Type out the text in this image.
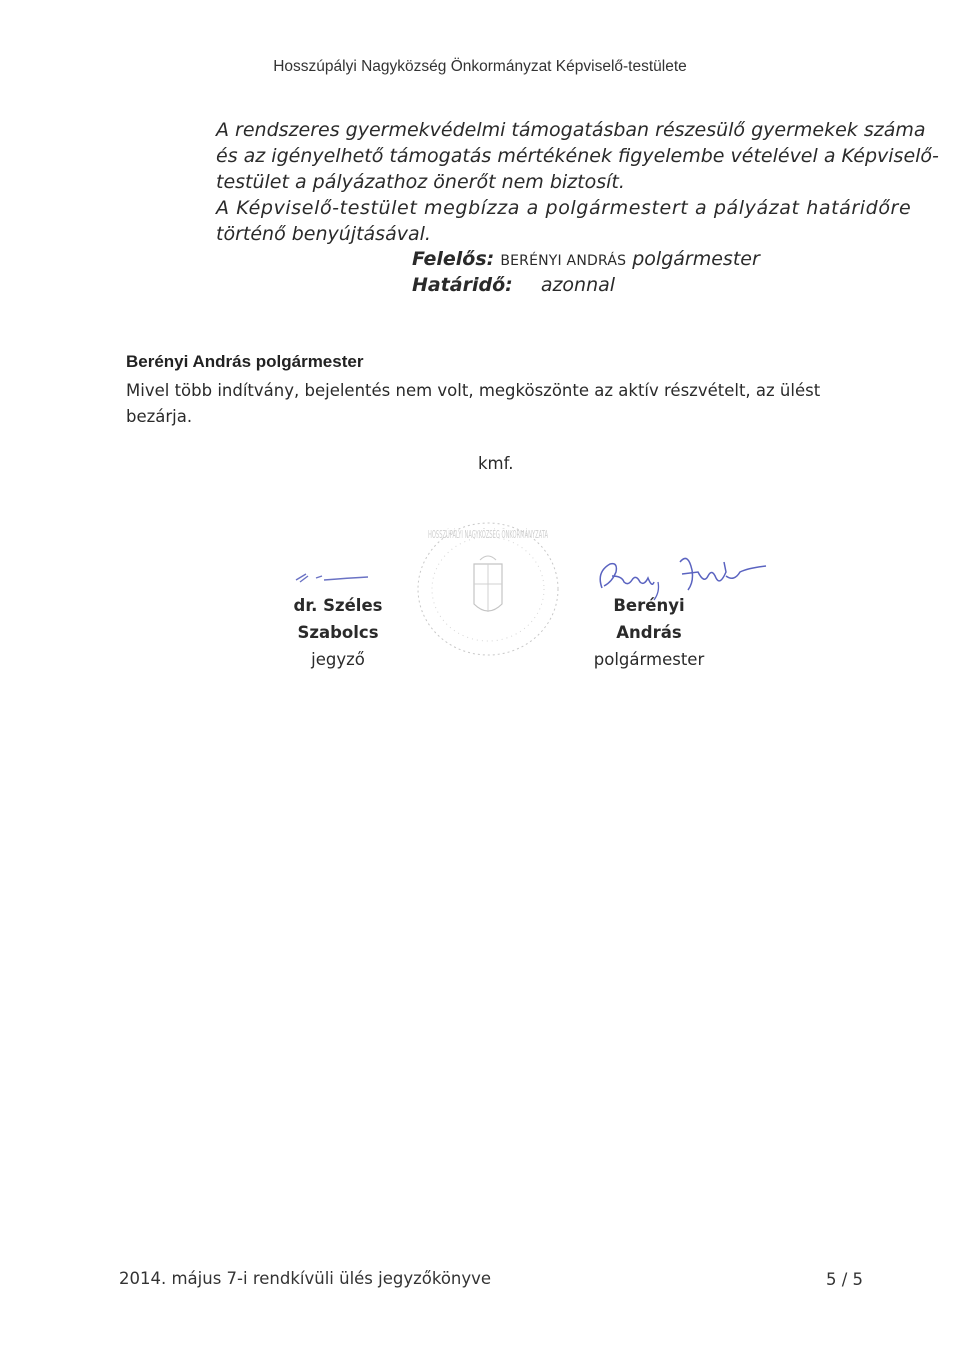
Hosszúpályi Nagyközség Önkormányzat Képviselő-testülete
A rendszeres gyermekvédelmi támogatásban részesülő gyermekek száma
és az igényelhető támogatás mértékének figyelembe vételével a Képviselő-
testület a pályázathoz önerőt nem biztosít.
A Képviselő-testület megbízza a polgármestert a pályázat határidőre
történő benyújtásával.
Felelős: BERÉNYI ANDRÁS polgármester
Határidő: azonnal
Berényi András polgármester
Mivel több indítvány, bejelentés nem volt, megköszönte az aktív részvételt, az ülést bezárja.
kmf.
HOSSZÚPÁLYI NAGYKÖZSÉG ÖNKORMÁNYZATA
dr. Széles Szabolcs
jegyző
Berényi András
polgármester
2014. május 7-i rendkívüli ülés jegyzőkönyve	5 / 5
